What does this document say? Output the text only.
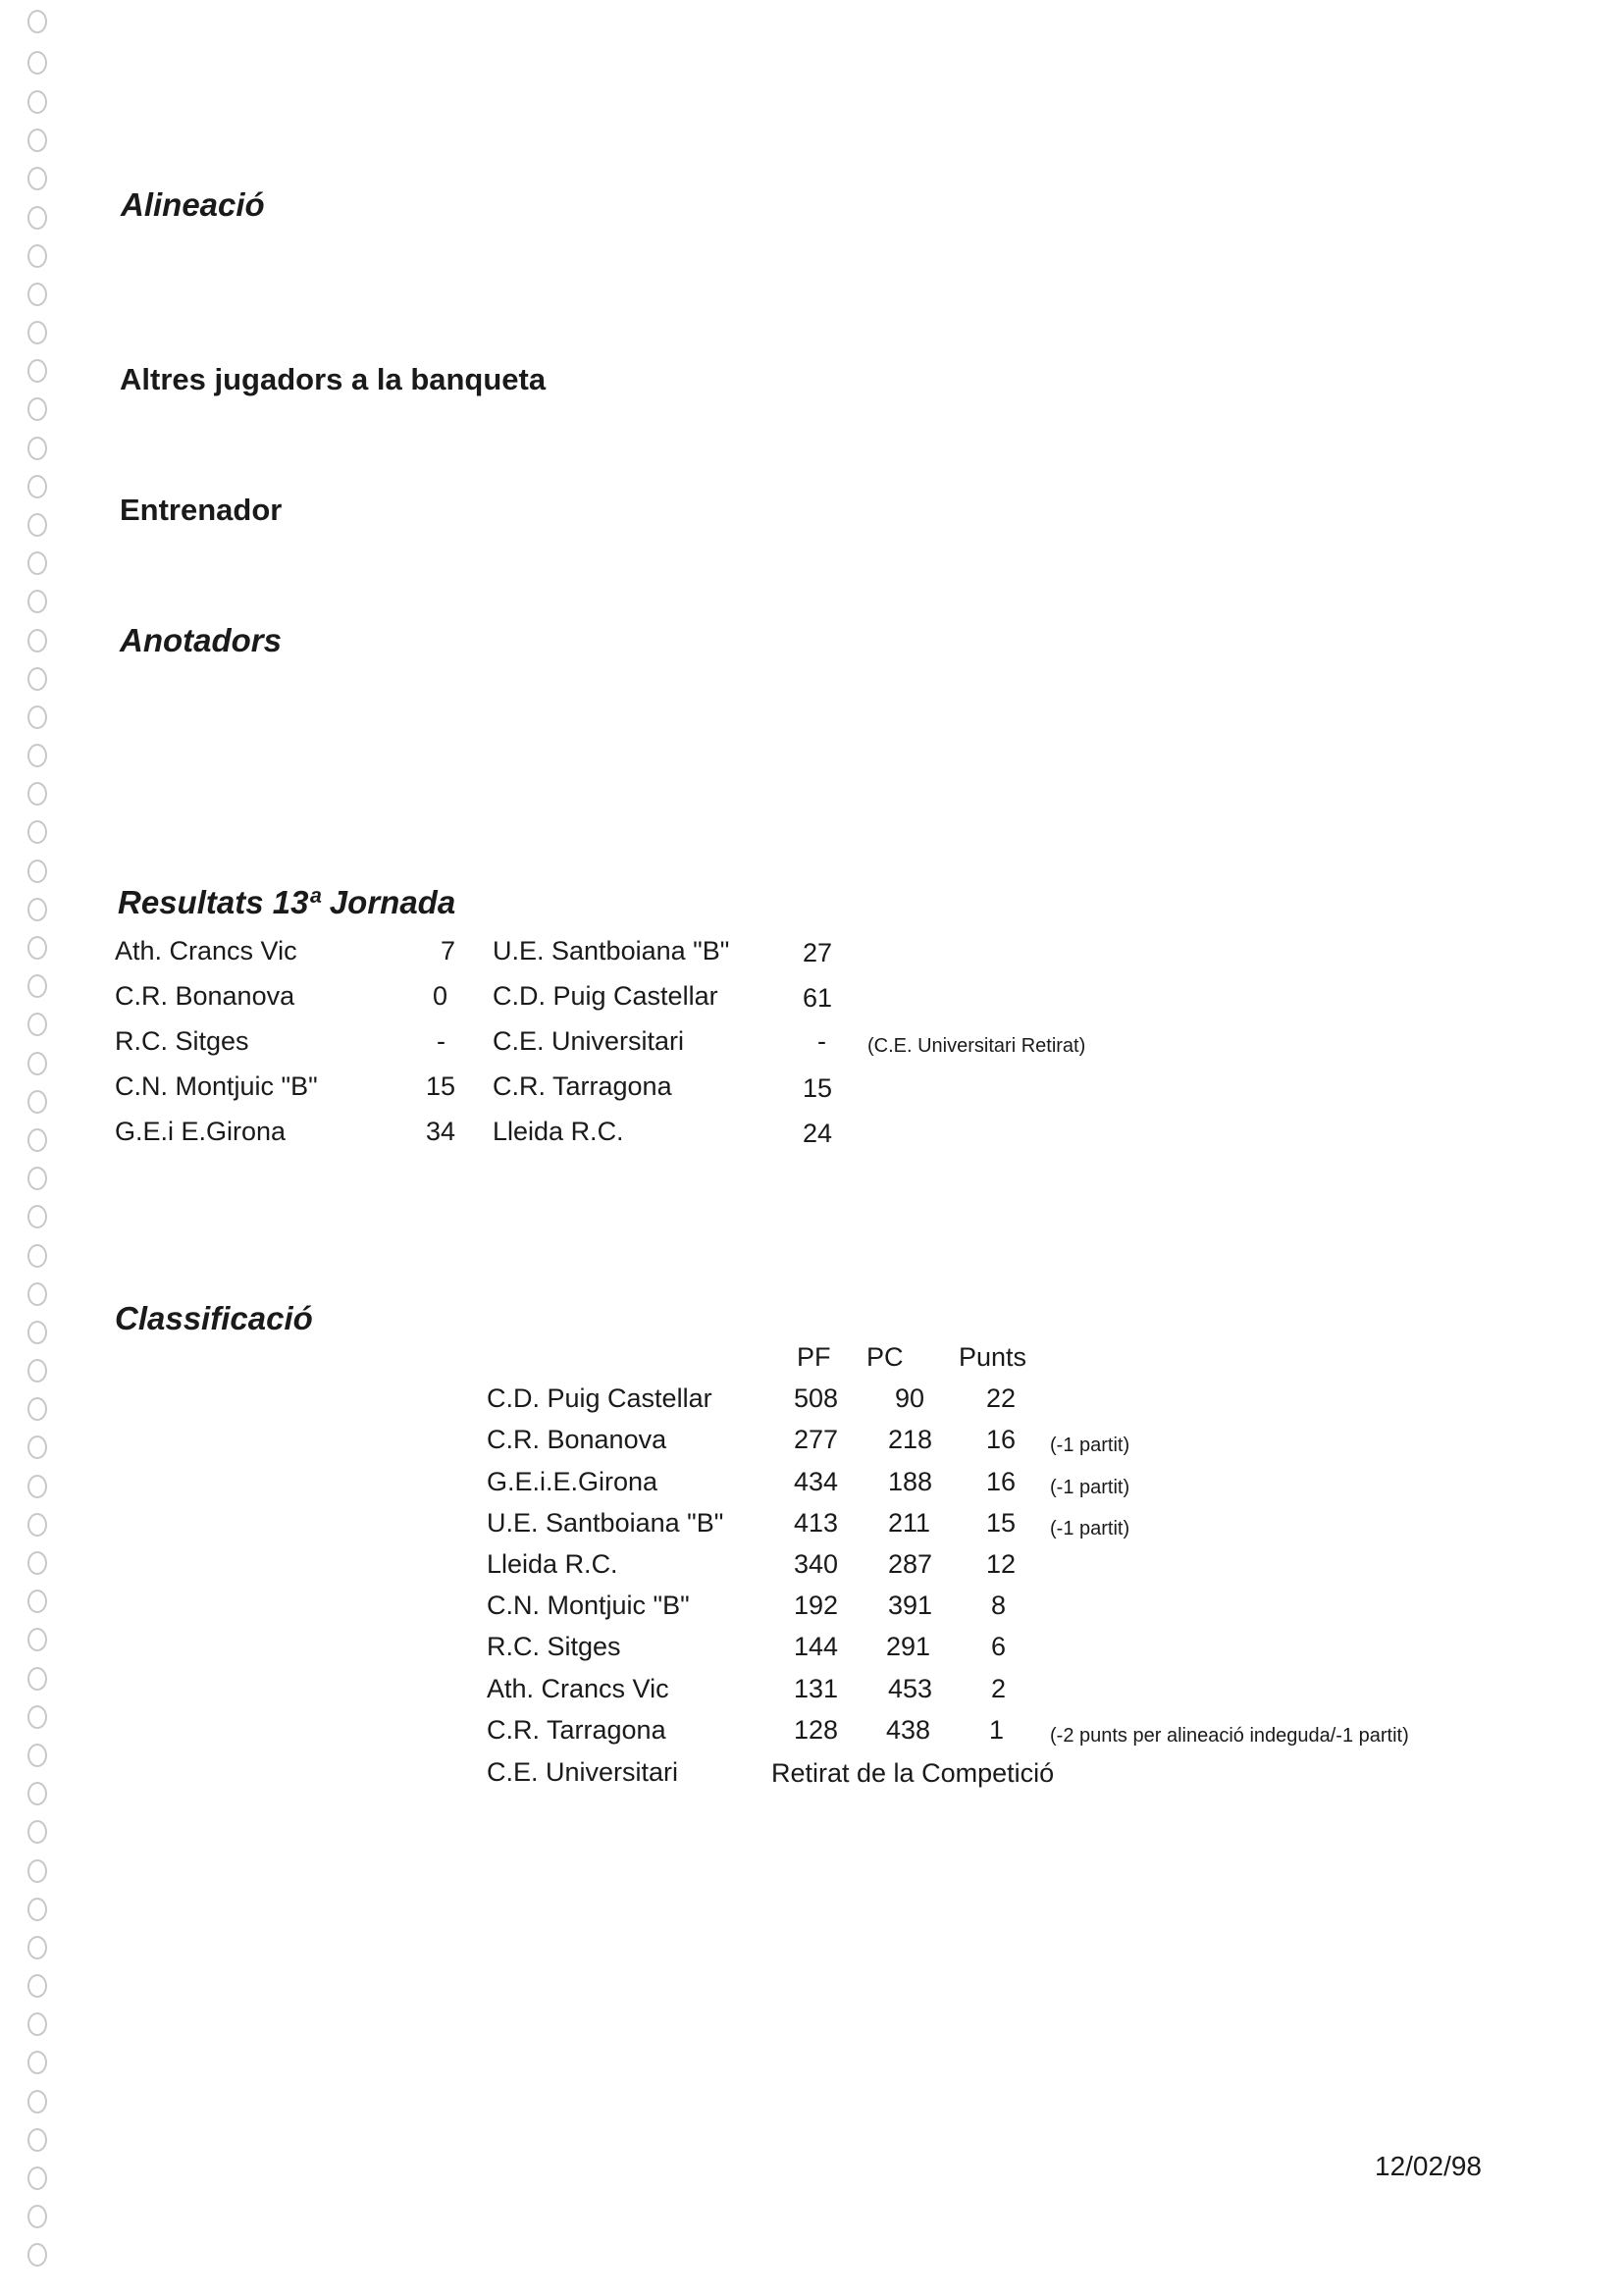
Alineació
Altres jugadors a la banqueta
Entrenador
Anotadors
Resultats 13ª Jornada
Ath. Crancs Vic	7 U.E. Santboiana "B"	27
C.R. Bonanova	0 C.D. Puig Castellar	61
R.C. Sitges	- C.E. Universitari	- (C.E. Universitari Retirat)
C.N. Montjuic "B"	15 C.R. Tarragona	15
G.E.i E.Girona	34 Lleida R.C.	24
Classificació
PF PC Punts
C.D. Puig Castellar	508	90	22
C.R. Bonanova	277	218	16 (-1 partit)
G.E.i.E.Girona	434	188	16 (-1 partit)
U.E. Santboiana "B"	413	211	15 (-1 partit)
Lleida R.C.	340	287	12
C.N. Montjuic "B"	192	391	8
R.C. Sitges	144	291	6
Ath. Crancs Vic	131	453	2
C.R. Tarragona	128	438	1 (-2 punts per alineació indeguda/-1 partit)
C.E. Universitari	Retirat de la Competició
12/02/98
